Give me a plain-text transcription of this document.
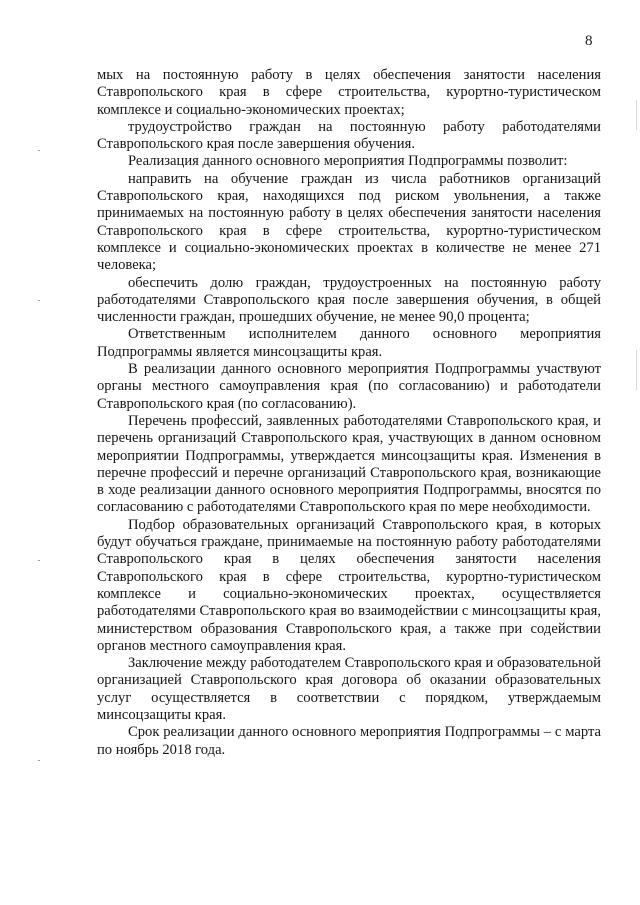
8

мых на постоянную работу в целях обеспечения занятости населения Ставропольского края в сфере строительства, курортно-туристическом комплексе и социально-экономических проектах;

трудоустройство граждан на постоянную работу работодателями Ставропольского края после завершения обучения.

Реализация данного основного мероприятия Подпрограммы позволит:

направить на обучение граждан из числа работников организаций Ставропольского края, находящихся под риском увольнения, а также принимаемых на постоянную работу в целях обеспечения занятости населения Ставропольского края в сфере строительства, курортно-туристическом комплексе и социально-экономических проектах в количестве не менее 271 человека;

обеспечить долю граждан, трудоустроенных на постоянную работу работодателями Ставропольского края после завершения обучения, в общей численности граждан, прошедших обучение, не менее 90,0 процента;

Ответственным исполнителем данного основного мероприятия Подпрограммы является минсоцзащиты края.

В реализации данного основного мероприятия Подпрограммы участвуют органы местного самоуправления края (по согласованию) и работодатели Ставропольского края (по согласованию).

Перечень профессий, заявленных работодателями Ставропольского края, и перечень организаций Ставропольского края, участвующих в данном основном мероприятии Подпрограммы, утверждается минсоцзащиты края. Изменения в перечне профессий и перечне организаций Ставропольского края, возникающие в ходе реализации данного основного мероприятия Подпрограммы, вносятся по согласованию с работодателями Ставропольского края по мере необходимости.

Подбор образовательных организаций Ставропольского края, в которых будут обучаться граждане, принимаемые на постоянную работу работодателями Ставропольского края в целях обеспечения занятости населения Ставропольского края в сфере строительства, курортно-туристическом комплексе и социально-экономических проектах, осуществляется работодателями Ставропольского края во взаимодействии с минсоцзащиты края, министерством образования Ставропольского края, а также при содействии органов местного самоуправления края.

Заключение между работодателем Ставропольского края и образовательной организацией Ставропольского края договора об оказании образовательных услуг осуществляется в соответствии с порядком, утверждаемым минсоцзащиты края.

Срок реализации данного основного мероприятия Подпрограммы – с марта по ноябрь 2018 года.
